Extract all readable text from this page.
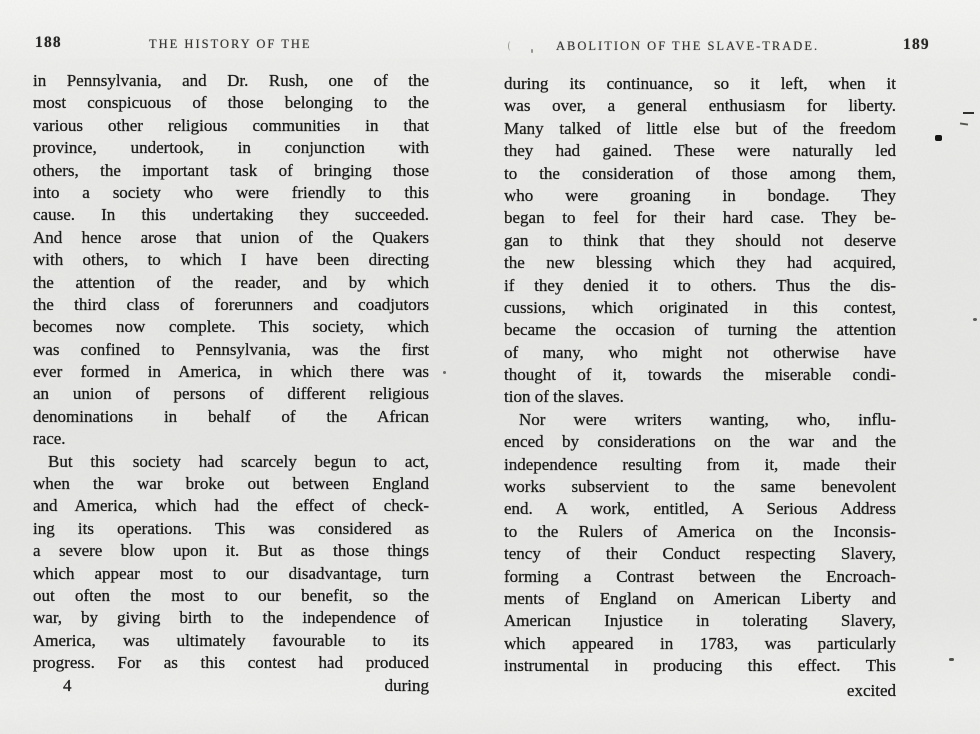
188	THE HISTORY OF THE
in Pennsylvania, and Dr. Rush, one of the
most conspicuous of those belonging to the
various other religious communities in that
province, undertook, in conjunction with
others, the important task of bringing those
into a society who were friendly to this
cause. In this undertaking they succeeded.
And hence arose that union of the Quakers
with others, to which I have been directing
the attention of the reader, and by which
the third class of forerunners and coadjutors
becomes now complete. This society, which
was confined to Pennsylvania, was the first
ever formed in America, in which there was
an union of persons of different religious
denominations in behalf of the African
race.
But this society had scarcely begun to act,
when the war broke out between England
and America, which had the effect of check-
ing its operations. This was considered as
a severe blow upon it. But as those things
which appear most to our disadvantage, turn
out often the most to our benefit, so the
war, by giving birth to the independence of
America, was ultimately favourable to its
progress. For as this contest had produced
4	during
ABOLITION OF THE SLAVE-TRADE.	189
during its continuance, so it left, when it
was over, a general enthusiasm for liberty.
Many talked of little else but of the freedom
they had gained. These were naturally led
to the consideration of those among them,
who were groaning in bondage. They
began to feel for their hard case. They be-
gan to think that they should not deserve
the new blessing which they had acquired,
if they denied it to others. Thus the dis-
cussions, which originated in this contest,
became the occasion of turning the attention
of many, who might not otherwise have
thought of it, towards the miserable condi-
tion of the slaves.
Nor were writers wanting, who, influ-
enced by considerations on the war and the
independence resulting from it, made their
works subservient to the same benevolent
end. A work, entitled, A Serious Address
to the Rulers of America on the Inconsis-
tency of their Conduct respecting Slavery,
forming a Contrast between the Encroach-
ments of England on American Liberty and
American Injustice in tolerating Slavery,
which appeared in 1783, was particularly
instrumental in producing this effect. This
excited
